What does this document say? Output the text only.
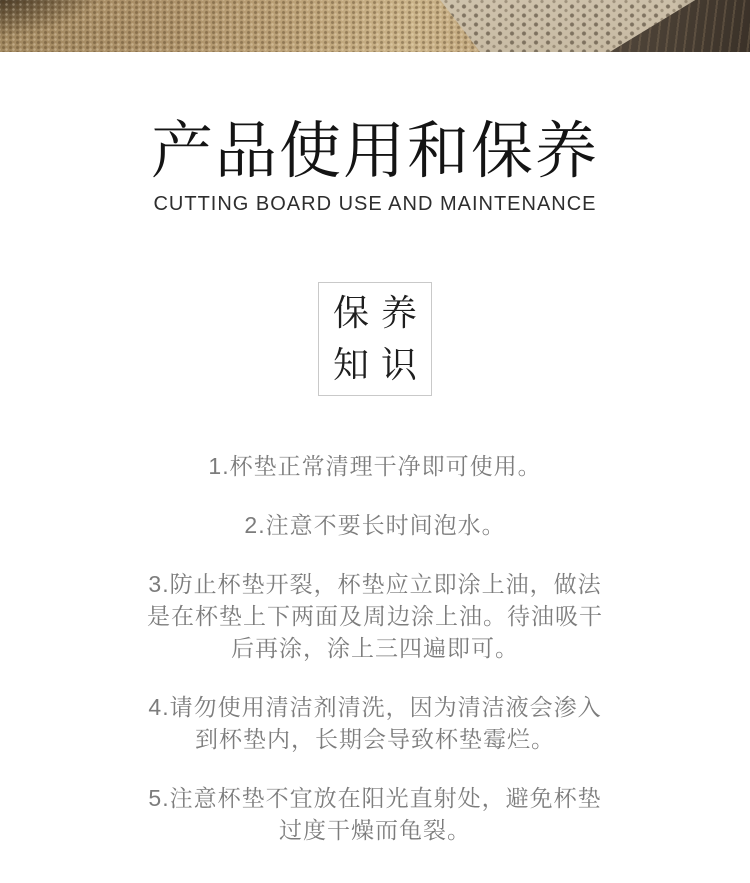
产品使用和保养
CUTTING BOARD USE AND MAINTENANCE
保养
知识

1.杯垫正常清理干净即可使用。

2.注意不要长时间泡水。

3.防止杯垫开裂，杯垫应立即涂上油，做法是在杯垫上下两面及周边涂上油。待油吸干后再涂，涂上三四遍即可。

4.请勿使用清洁剂清洗，因为清洁液会渗入到杯垫内，长期会导致杯垫霉烂。

5.注意杯垫不宜放在阳光直射处，避免杯垫过度干燥而龟裂。
